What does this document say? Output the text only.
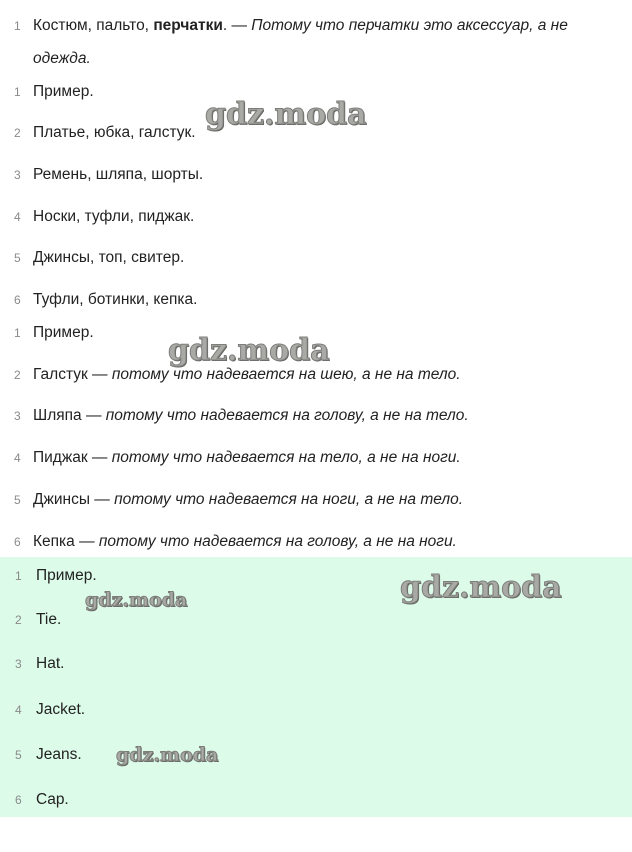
1 Костюм, пальто, перчатки. — Потому что перчатки это аксессуар, а не
одежда.
1 Пример.
2 Платье, юбка, галстук.
3 Ремень, шляпа, шорты.
4 Носки, туфли, пиджак.
5 Джинсы, топ, свитер.
6 Туфли, ботинки, кепка.
gdz.moda
1 Пример.
2 Галстук — потому что надевается на шею, а не на тело.
3 Шляпа — потому что надевается на голову, а не на тело.
4 Пиджак — потому что надевается на тело, а не на ноги.
5 Джинсы — потому что надевается на ноги, а не на тело.
6 Кепка — потому что надевается на голову, а не на ноги.
gdz.moda
1 Пример.
2 Tie.
3 Hat.
4 Jacket.
5 Jeans.
6 Cap.
gdz.moda
gdz.moda
gdz.moda
